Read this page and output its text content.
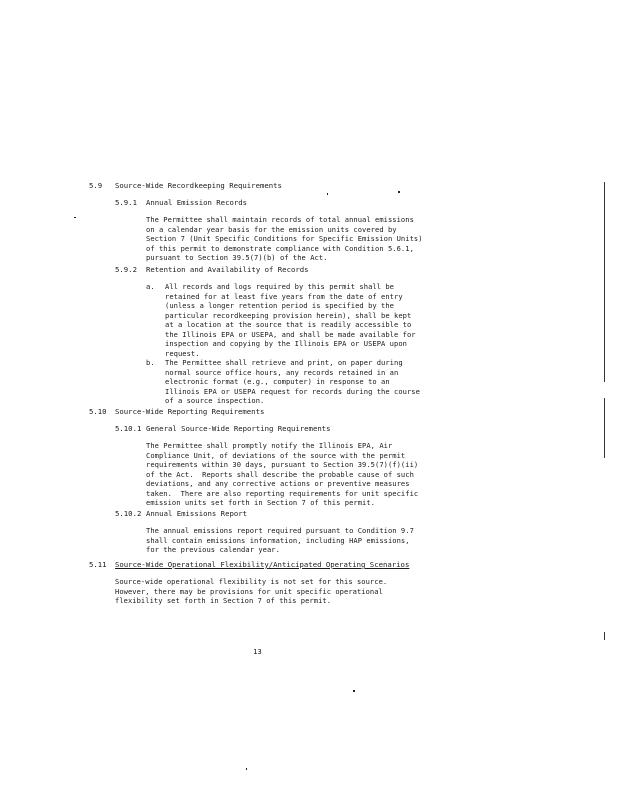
5.9 Source-Wide Recordkeeping Requirements
5.9.1 Annual Emission Records
The Permittee shall maintain records of total annual emissions
on a calendar year basis for the emission units covered by
Section 7 (Unit Specific Conditions for Specific Emission Units)
of this permit to demonstrate compliance with Condition 5.6.1,
pursuant to Section 39.5(7)(b) of the Act.
5.9.2 Retention and Availability of Records
a. All records and logs required by this permit shall be
retained for at least five years from the date of entry
(unless a longer retention period is specified by the
particular recordkeeping provision herein), shall be kept
at a location at the source that is readily accessible to
the Illinois EPA or USEPA, and shall be made available for
inspection and copying by the Illinois EPA or USEPA upon
request.
b. The Permittee shall retrieve and print, on paper during
normal source office hours, any records retained in an
electronic format (e.g., computer) in response to an
Illinois EPA or USEPA request for records during the course
of a source inspection.
5.10 Source-Wide Reporting Requirements
5.10.1 General Source-Wide Reporting Requirements
The Permittee shall promptly notify the Illinois EPA, Air
Compliance Unit, of deviations of the source with the permit
requirements within 30 days, pursuant to Section 39.5(7)(f)(ii)
of the Act.  Reports shall describe the probable cause of such
deviations, and any corrective actions or preventive measures
taken.  There are also reporting requirements for unit specific
emission units set forth in Section 7 of this permit.
5.10.2 Annual Emissions Report
The annual emissions report required pursuant to Condition 9.7
shall contain emissions information, including HAP emissions,
for the previous calendar year.
5.11 Source-Wide Operational Flexibility/Anticipated Operating Scenarios
Source-wide operational flexibility is not set for this source.
However, there may be provisions for unit specific operational
flexibility set forth in Section 7 of this permit.
13
